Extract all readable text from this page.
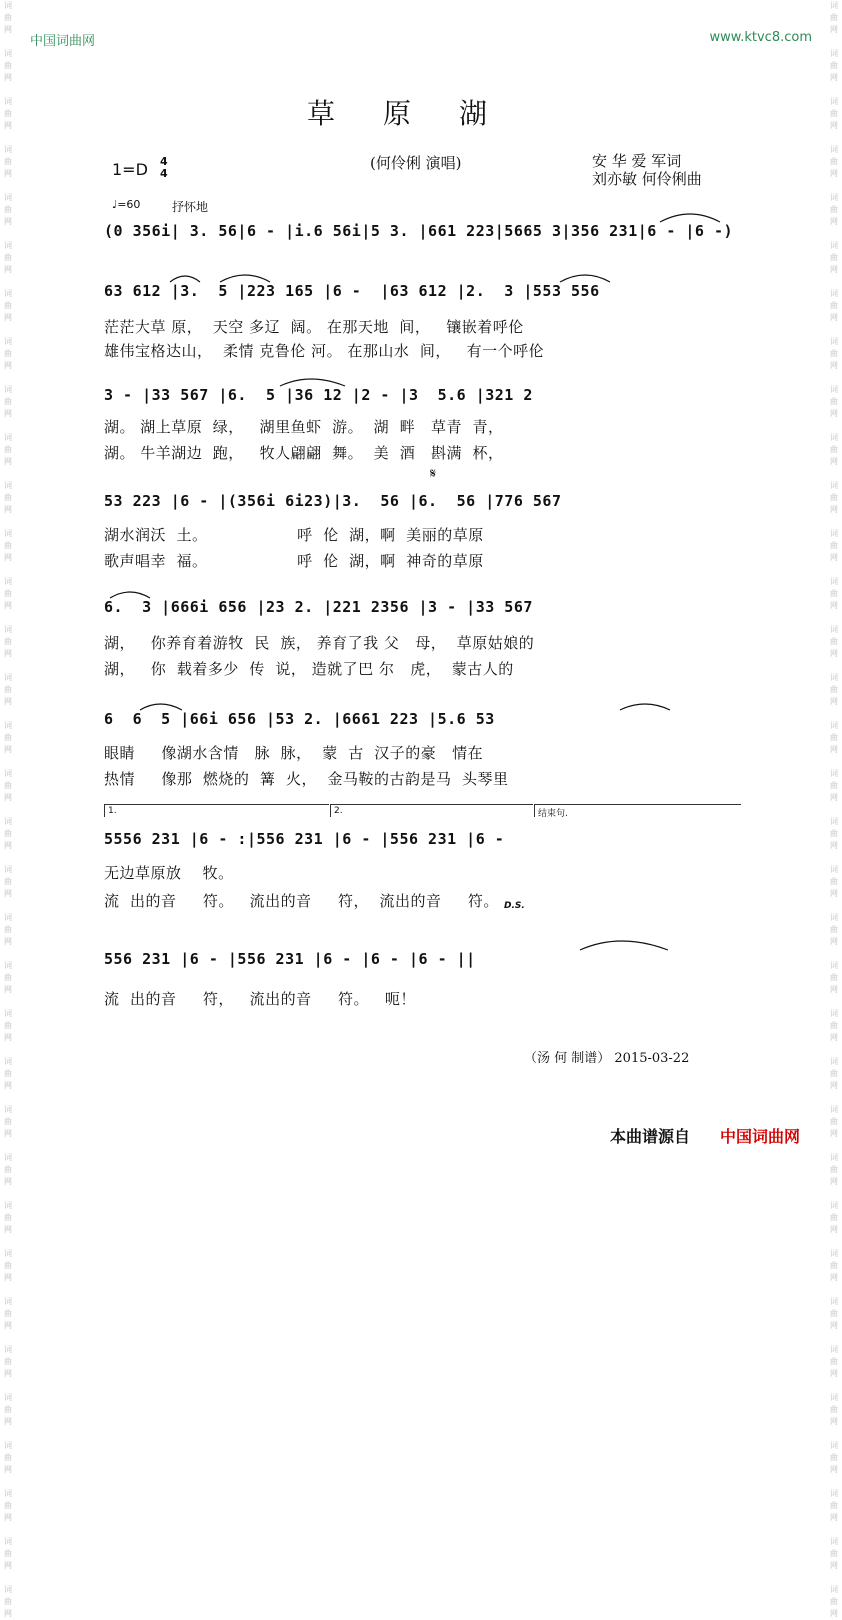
词
曲
网

词
曲
网

词
曲
网

词
曲
网

词
曲
网

词
曲
网

词
曲
网

词
曲
网

词
曲
网

词
曲
网

词
曲
网

词
曲
网

词
曲
网

词
曲
网

词
曲
网

词
曲
网

词
曲
网

词
曲
网

词
曲
网

词
曲
网

词
曲
网

词
曲
网

词
曲
网

词
曲
网

词
曲
网

词
曲
网

词
曲
网

词
曲
网

词
曲
网

词
曲
网

词
曲
网

词
曲
网

词
曲
网

词
曲
网
词
曲
网

词
曲
网

词
曲
网

词
曲
网

词
曲
网

词
曲
网

词
曲
网

词
曲
网

词
曲
网

词
曲
网

词
曲
网

词
曲
网

词
曲
网

词
曲
网

词
曲
网

词
曲
网

词
曲
网

词
曲
网

词
曲
网

词
曲
网

词
曲
网

词
曲
网

词
曲
网

词
曲
网

词
曲
网

词
曲
网

词
曲
网

词
曲
网

词
曲
网

词
曲
网

词
曲
网

词
曲
网

词
曲
网

词
曲
网
中国词曲网	www.ktvc8.com
草原湖
1=D 4
4
(何伶俐 演唱)	安 华 爱 军词
刘亦敏 何伶俐曲
♩=60	抒怀地
(0 356i| 3. 56|6 - |i.6 56i|5 3. |661 223|5665 3|356 231|6 - |6 -)
63 612 |3.  5 |223 165 |6 -  |63 612 |2.  3 |553 556
茫茫大草 原，  天空 多辽  阔。 在那天地  间，   镶嵌着呼伦
雄伟宝格达山，  柔情 克鲁伦 河。 在那山水  间，   有一个呼伦
3 - |33 567 |6.  5 |36 12 |2 - |3  5.6 |321 2
湖。 湖上草原  绿，   湖里鱼虾  游。  湖  畔   草青  青，
湖。 牛羊湖边  跑，   牧人翩翩  舞。  美  酒   斟满  杯，
𝄋
53 223 |6 - |(356i 6i23)|3.  56 |6.  56 |776 567
湖水润沃  土。                 呼  伦  湖，啊  美丽的草原
歌声唱幸  福。                 呼  伦  湖，啊  神奇的草原
6.  3 |666i 656 |23 2. |221 2356 |3 - |33 567
湖，   你养育着游牧  民  族， 养育了我 父   母，  草原姑娘的
湖，   你  载着多少  传  说， 造就了巴 尔   虎，  蒙古人的
6  6  5 |66i 656 |53 2. |6661 223 |5.6 53
眼睛     像湖水含情   脉  脉，  蒙  古  汉子的豪   情在
热情     像那  燃烧的  篝  火，  金马鞍的古韵是马  头琴里
1.	2.	结束句.
5556 231 |6 - :|556 231 |6 - |556 231 |6 -
无边草原放    牧。
流  出的音     符。   流出的音     符，  流出的音     符。 D.S.
556 231 |6 - |556 231 |6 - |6 - |6 - ||
流  出的音     符，   流出的音     符。   呃！
（汤 何 制谱） 2015-03-22
本曲谱源自 中国词曲网
